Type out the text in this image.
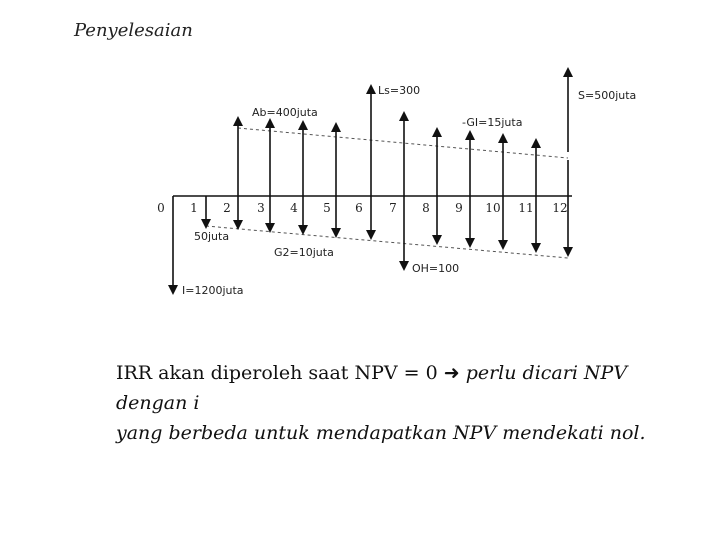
Penyelesaian
0 1 2 3 4 5 6 7 8 9 10 11 12
I=1200juta
50juta
G2=10juta
Ab=400juta
Ls=300
-GI=15juta
S=500juta
OH=100
IRR akan diperoleh saat NPV = 0 ➜ perlu dicari NPV dengan i
yang berbeda untuk mendapatkan NPV mendekati nol.
